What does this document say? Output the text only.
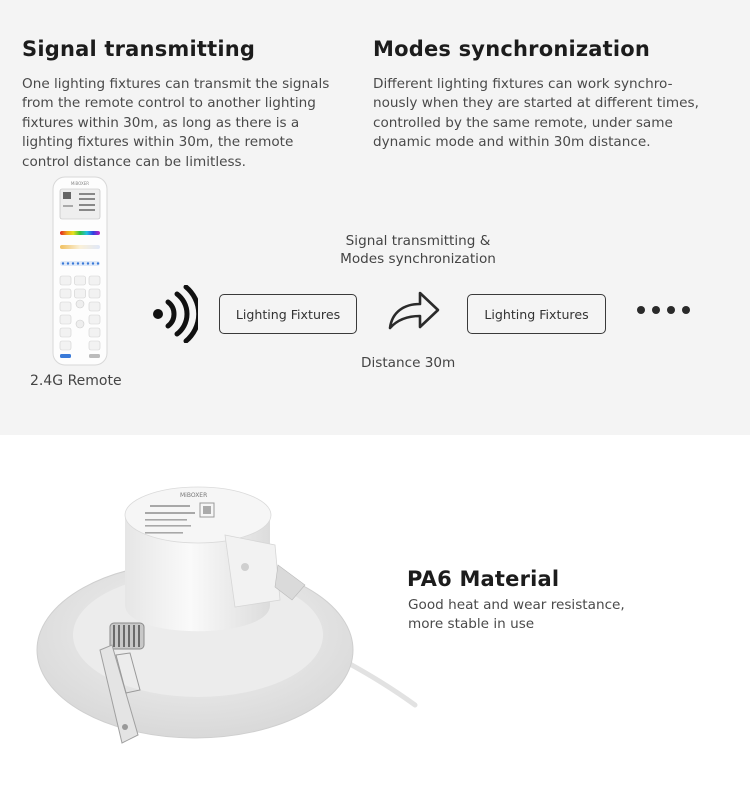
Signal transmitting
One lighting fixtures can transmit the signals
from the remote control to another lighting
fixtures within 30m, as long as there is a
lighting fixtures within 30m, the remote
control distance can be limitless.
Modes synchronization
Different lighting fixtures can work synchro-
nously when they are started at different times,
controlled by the same remote, under same
dynamic mode and within 30m distance.
MiBOXER
2.4G Remote
Lighting Fixtures
Signal transmitting &
Modes synchronization
Lighting Fixtures
Distance 30m
MiBOXER
PA6 Material
Good heat and wear resistance,
more stable in use
